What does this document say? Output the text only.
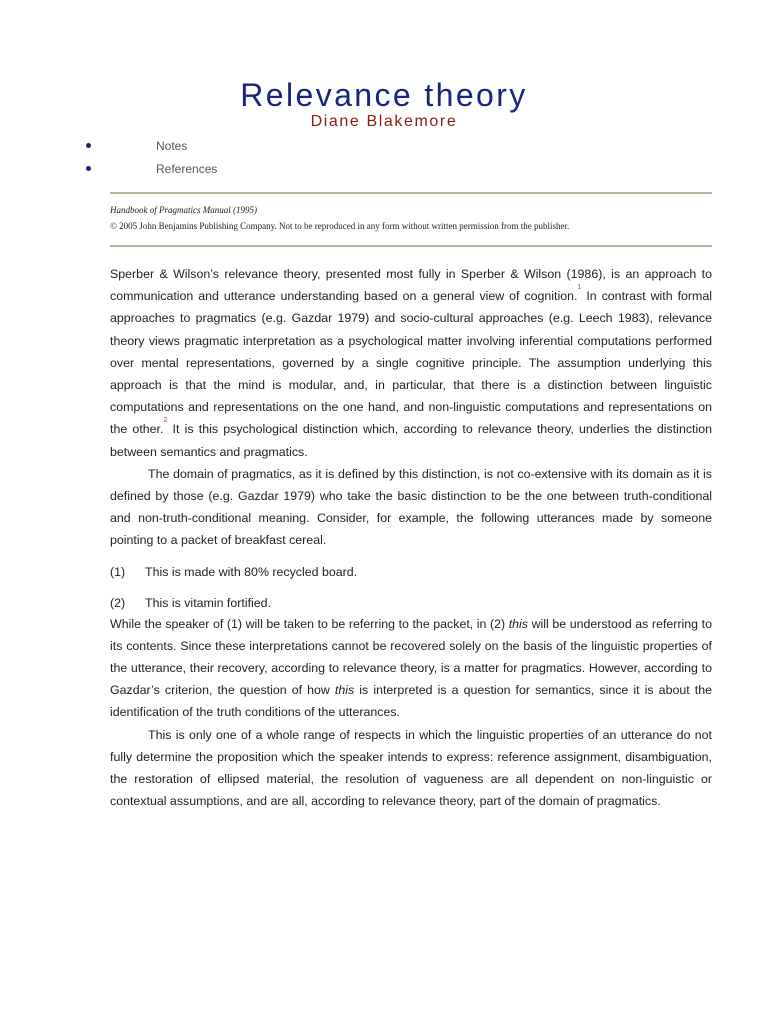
Relevance theory
Diane Blakemore
Notes
References
Handbook of Pragmatics Manual (1995)
© 2005 John Benjamins Publishing Company. Not to be reproduced in any form without written permission from the publisher.

Sperber & Wilson’s relevance theory, presented most fully in Sperber & Wilson (1986), is an approach to communication and utterance understanding based on a general view of cognition.$^1$ In contrast with formal approaches to pragmatics (e.g. Gazdar 1979) and socio-cultural approaches (e.g. Leech 1983), relevance theory views pragmatic interpretation as a psychological matter involving inferential computations performed over mental representations, governed by a single cognitive principle. The assumption underlying this approach is that the mind is modular, and, in particular, that there is a distinction between linguistic computations and representations on the one hand, and non-linguistic computations and representations on the other.$^2$ It is this psychological distinction which, according to relevance theory, underlies the distinction between semantics and pragmatics.

The domain of pragmatics, as it is defined by this distinction, is not co-extensive with its domain as it is defined by those (e.g. Gazdar 1979) who take the basic distinction to be the one between truth-conditional and non-truth-conditional meaning. Consider, for example, the following utterances made by someone pointing to a packet of breakfast cereal.

(1) This is made with 80% recycled board.
(2) This is vitamin fortified.

While the speaker of (1) will be taken to be referring to the packet, in (2) this will be understood as referring to its contents. Since these interpretations cannot be recovered solely on the basis of the linguistic properties of the utterance, their recovery, according to relevance theory, is a matter for pragmatics. However, according to Gazdar’s criterion, the question of how this is interpreted is a question for semantics, since it is about the identification of the truth conditions of the utterances.

This is only one of a whole range of respects in which the linguistic properties of an utterance do not fully determine the proposition which the speaker intends to express: reference assignment, disambiguation, the restoration of ellipsed material, the resolution of vagueness are all dependent on non-linguistic or contextual assumptions, and are all, according to relevance theory, part of the domain of pragmatics.
